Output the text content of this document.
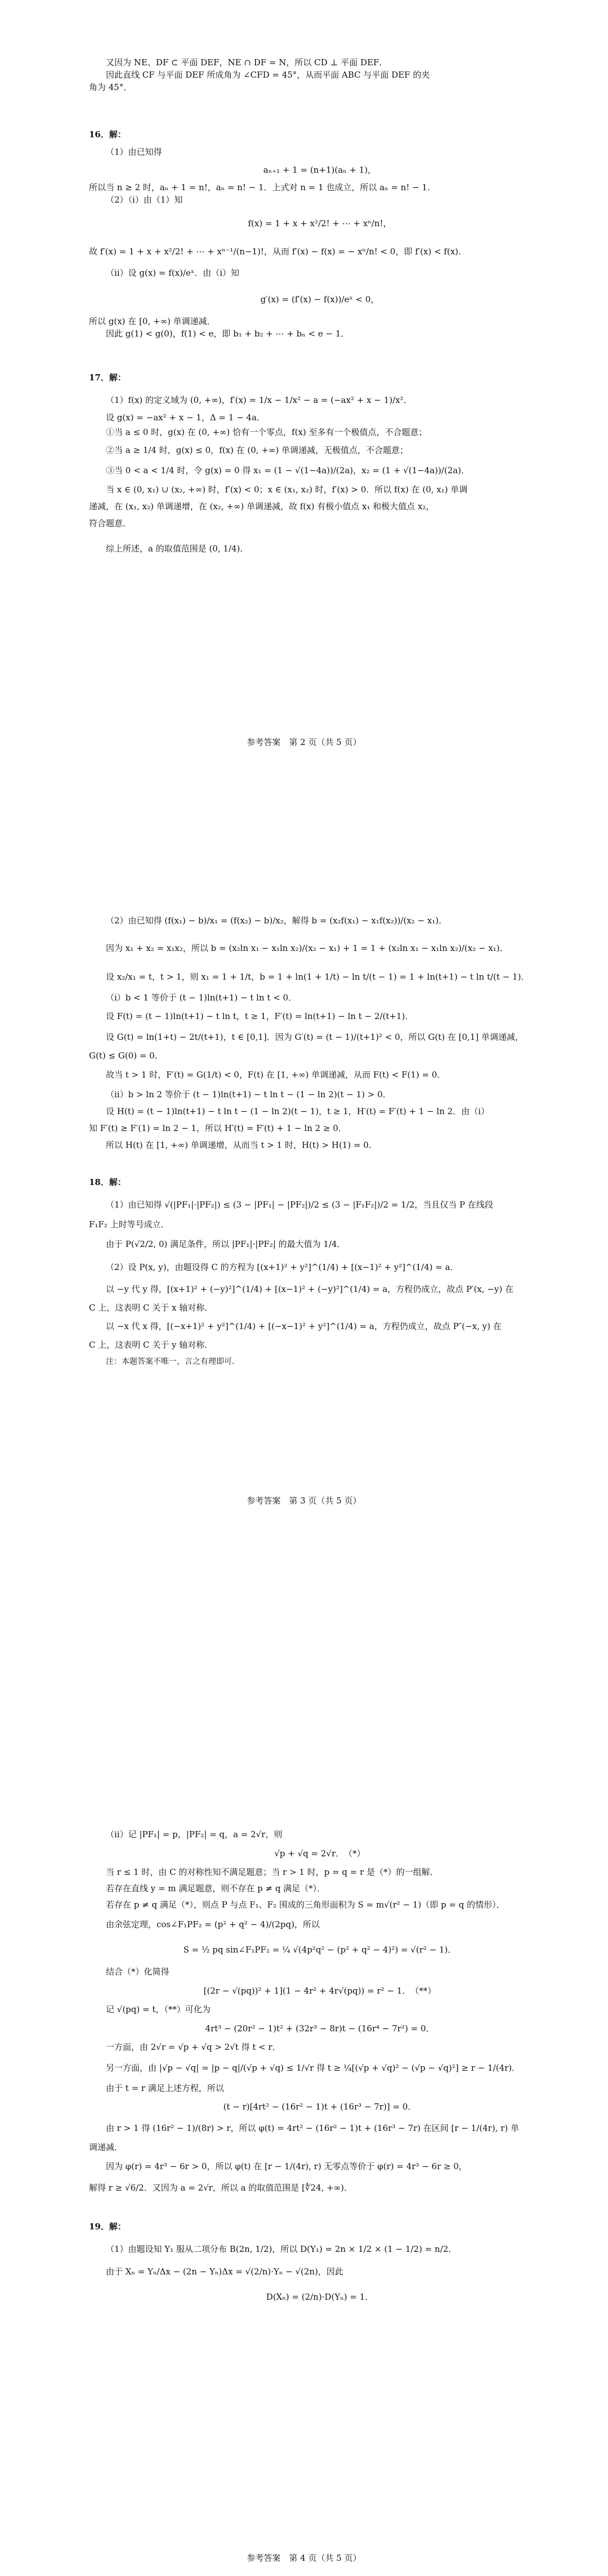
又因为 NE、DF ⊂ 平面 DEF，NE ∩ DF = N，所以 CD ⊥ 平面 DEF．

因此直线 CF 与平面 DEF 所成角为 ∠CFD = 45°，从而平面 ABC 与平面 DEF 的夹

角为 45°．

16．解：

（1）由已知得

aₙ₊₁ + 1 = (n+1)(aₙ + 1)，

所以当 n ≥ 2 时，aₙ + 1 = n!，aₙ = n! − 1．上式对 n = 1 也成立，所以 aₙ = n! − 1．

（2）（ⅰ）由（1）知

f(x) = 1 + x + x²/2! + ⋯ + xⁿ/n!，

故 f′(x) = 1 + x + x²/2! + ⋯ + xⁿ⁻¹/(n−1)!，从而 f′(x) − f(x) = − xⁿ/n! < 0，即 f′(x) < f(x)．

（ⅱ）设 g(x) = f(x)/eˣ．由（ⅰ）知

g′(x) = (f′(x) − f(x))/eˣ < 0，

所以 g(x) 在 [0, +∞) 单调递减．

因此 g(1) < g(0)，f(1) < e，即 b₁ + b₂ + ⋯ + bₙ < e − 1．

17．解：

（1）f(x) 的定义域为 (0, +∞)，f′(x) = 1/x − 1/x² − a = (−ax² + x − 1)/x²．

设 g(x) = −ax² + x − 1，Δ = 1 − 4a．

①当 a ≤ 0 时，g(x) 在 (0, +∞) 恰有一个零点，f(x) 至多有一个极值点，不合题意；

②当 a ≥ 1/4 时，g(x) ≤ 0，f(x) 在 (0, +∞) 单调递减，无极值点，不合题意；

③当 0 < a < 1/4 时，令 g(x) = 0 得 x₁ = (1 − √(1−4a))/(2a)，x₂ = (1 + √(1−4a))/(2a)．

当 x ∈ (0, x₁) ∪ (x₂, +∞) 时，f′(x) < 0；x ∈ (x₁, x₂) 时，f′(x) > 0．所以 f(x) 在 (0, x₁) 单调

递减，在 (x₁, x₂) 单调递增，在 (x₂, +∞) 单调递减，故 f(x) 有极小值点 x₁ 和极大值点 x₂，

符合题意．

综上所述，a 的取值范围是 (0, 1/4)．

参考答案　第 2 页（共 5 页）

（2）由已知得 (f(x₁) − b)/x₁ = (f(x₂) − b)/x₂，解得 b = (x₂f(x₁) − x₁f(x₂))/(x₂ − x₁)．

因为 x₁ + x₂ = x₁x₂，所以 b = (x₂ln x₁ − x₁ln x₂)/(x₂ − x₁) + 1 = 1 + (x₂ln x₁ − x₁ln x₂)/(x₂ − x₁)．

设 x₂/x₁ = t，t > 1，则 x₁ = 1 + 1/t，b = 1 + ln(1 + 1/t) − ln t/(t − 1) = 1 + ln(t+1) − t ln t/(t − 1)．

（ⅰ）b < 1 等价于 (t − 1)ln(t+1) − t ln t < 0．

设 F(t) = (t − 1)ln(t+1) − t ln t，t ≥ 1，F′(t) = ln(t+1) − ln t − 2/(t+1)．

设 G(t) = ln(1+t) − 2t/(t+1)，t ∈ [0,1]．因为 G′(t) = (t − 1)/(t+1)² < 0，所以 G(t) 在 [0,1] 单调递减，

G(t) ≤ G(0) = 0．

故当 t > 1 时，F′(t) = G(1/t) < 0，F(t) 在 [1, +∞) 单调递减，从而 F(t) < F(1) = 0．

（ⅱ）b > ln 2 等价于 (t − 1)ln(t+1) − t ln t − (1 − ln 2)(t − 1) > 0．

设 H(t) = (t − 1)ln(t+1) − t ln t − (1 − ln 2)(t − 1)，t ≥ 1，H′(t) = F′(t) + 1 − ln 2．由（ⅰ）

知 F′(t) ≥ F′(1) = ln 2 − 1，所以 H′(t) = F′(t) + 1 − ln 2 ≥ 0．

所以 H(t) 在 [1, +∞) 单调递增，从而当 t > 1 时，H(t) > H(1) = 0．

18．解：

（1）由已知得 √(|PF₁|·|PF₂|) ≤ (3 − |PF₁| − |PF₂|)/2 ≤ (3 − |F₁F₂|)/2 = 1/2，当且仅当 P 在线段

F₁F₂ 上时等号成立．

由于 P(√2/2, 0) 满足条件，所以 |PF₁|·|PF₂| 的最大值为 1/4．

（2）设 P(x, y)，由题设得 C 的方程为 [(x+1)² + y²]^(1/4) + [(x−1)² + y²]^(1/4) = a．

以 −y 代 y 得，[(x+1)² + (−y)²]^(1/4) + [(x−1)² + (−y)²]^(1/4) = a，方程仍成立，故点 P′(x, −y) 在

C 上，这表明 C 关于 x 轴对称．

以 −x 代 x 得，[(−x+1)² + y²]^(1/4) + [(−x−1)² + y²]^(1/4) = a，方程仍成立，故点 P″(−x, y) 在

C 上，这表明 C 关于 y 轴对称．

注：本题答案不唯一，言之有理即可．

参考答案　第 3 页（共 5 页）

（ⅱ）记 |PF₁| = p，|PF₂| = q，a = 2√r，则

√p + √q = 2√r．　（*）

当 r ≤ 1 时，由 C 的对称性知不满足题意；当 r > 1 时，p = q = r 是（*）的一组解．

若存在直线 y = m 满足题意，则不存在 p ≠ q 满足（*）．

若存在 p ≠ q 满足（*），则点 P 与点 F₁、F₂ 围成的三角形面积为 S = m√(r² − 1)（即 p = q 的情形）．

由余弦定理，cos∠F₁PF₂ = (p² + q² − 4)/(2pq)，所以

S = ½ pq sin∠F₁PF₂ = ¼ √(4p²q² − (p² + q² − 4)²) = √(r² − 1)．

结合（*）化简得

[(2r − √(pq))² + 1](1 − 4r² + 4r√(pq)) = r² − 1．　（**）

记 √(pq) = t，（**）可化为

4rt³ − (20r² − 1)t² + (32r³ − 8r)t − (16r⁴ − 7r²) = 0．

一方面，由 2√r = √p + √q > 2√t 得 t < r．

另一方面，由 |√p − √q| = |p − q|/(√p + √q) ≤ 1/√r 得 t ≥ ¼[(√p + √q)² − (√p − √q)²] ≥ r − 1/(4r)．

由于 t = r 满足上述方程，所以

(t − r)[4rt² − (16r² − 1)t + (16r³ − 7r)] = 0．

由 r > 1 得 (16r² − 1)/(8r) > r，所以 φ(t) = 4rt² − (16r² − 1)t + (16r³ − 7r) 在区间 [r − 1/(4r), r) 单

调递减．

因为 φ(r) = 4r³ − 6r > 0，所以 φ(t) 在 [r − 1/(4r), r) 无零点等价于 φ(r) = 4r³ − 6r ≥ 0，

解得 r ≥ √6/2．又因为 a = 2√r，所以 a 的取值范围是 [∜24, +∞)．

19．解：

（1）由题设知 Y₁ 服从二项分布 B(2n, 1/2)，所以 D(Y₁) = 2n × 1/2 × (1 − 1/2) = n/2．

由于 Xₙ = Yₙ/Δx − (2n − Yₙ)Δx = √(2/n)·Yₙ − √(2n)，因此

D(Xₙ) = (2/n)·D(Yₙ) = 1．

参考答案　第 4 页（共 5 页）
